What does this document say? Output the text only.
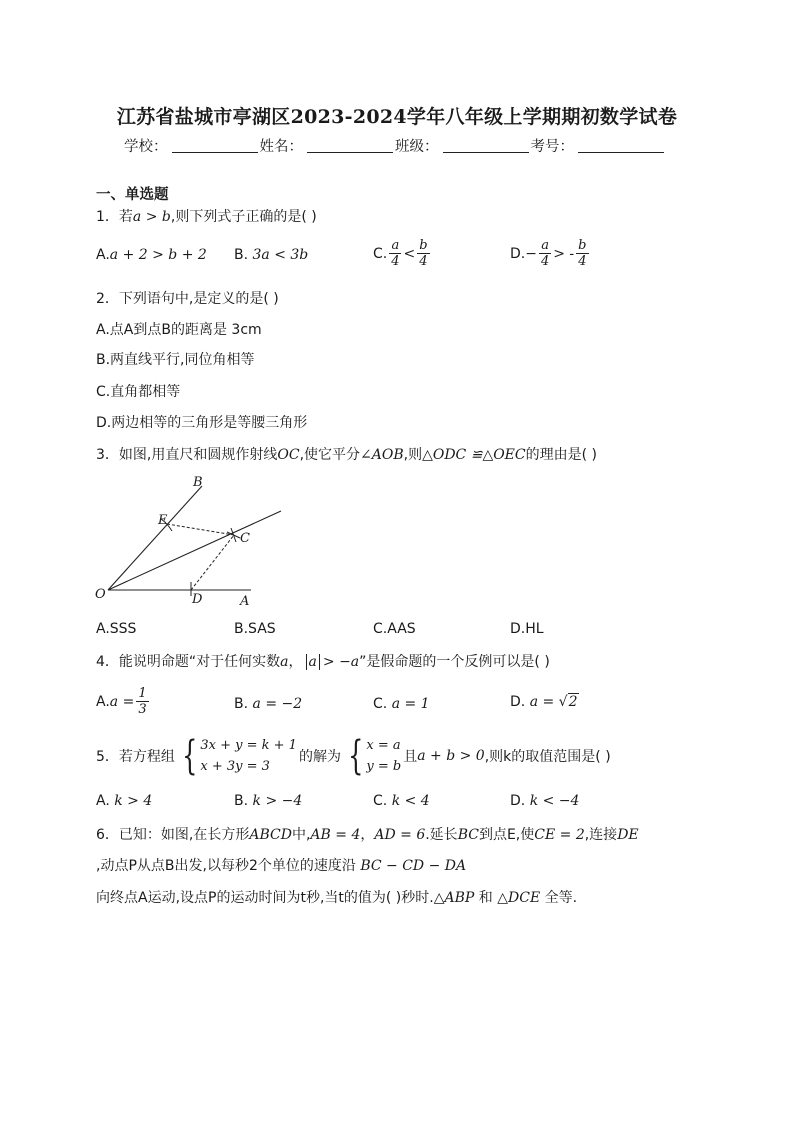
江苏省盐城市亭湖区2023-2024学年八年级上学期期初数学试卷
学校：	姓名：	班级：	考号：
一、单选题
1．若a > b,则下列式子正确的是( )
A. a + 2 > b + 2 B.
3a < 3b	C. $\frac{a}{4} < \frac{b}{4}$	D. − $\frac{a}{4}$ > - $\frac{b}{4}$
2．下列语句中,是定义的是( )
A.点A到点B的距离是 3cm
B.两直线平行,同位角相等
C.直角都相等
D.两边相等的三角形是等腰三角形
3．如图,用直尺和圆规作射线OC,使它平分∠AOB,则△ODC ≌△OEC的理由是( )
B
E
C
O	D	A
A.SSS	B.SAS	C.AAS	D.HL
4．能说明命题“对于任何实数a， a > −a”是假命题的一个反例可以是( )
A. $a = \frac{1}{3}$	B.
a = −2	C.
a = 1	D.
a =
√2
5．若方程组 { 3x + y = k + 1
x + 3y = 3
的解为 { x = a
y = b
且 a + b > 0 ,则k的取值范围是( )
A.
k > 4	B.
k > −4	C.
k < 4	D.
k < −4
6．已知：如图,在长方形ABCD中,AB = 4，AD = 6.延长BC到点E,使CE = 2,连接DE
,动点P从点B出发,以每秒2个单位的速度沿 BC − CD − DA
向终点A运动,设点P的运动时间为t秒,当t的值为( )秒时.△ABP 和 △DCE 全等.
